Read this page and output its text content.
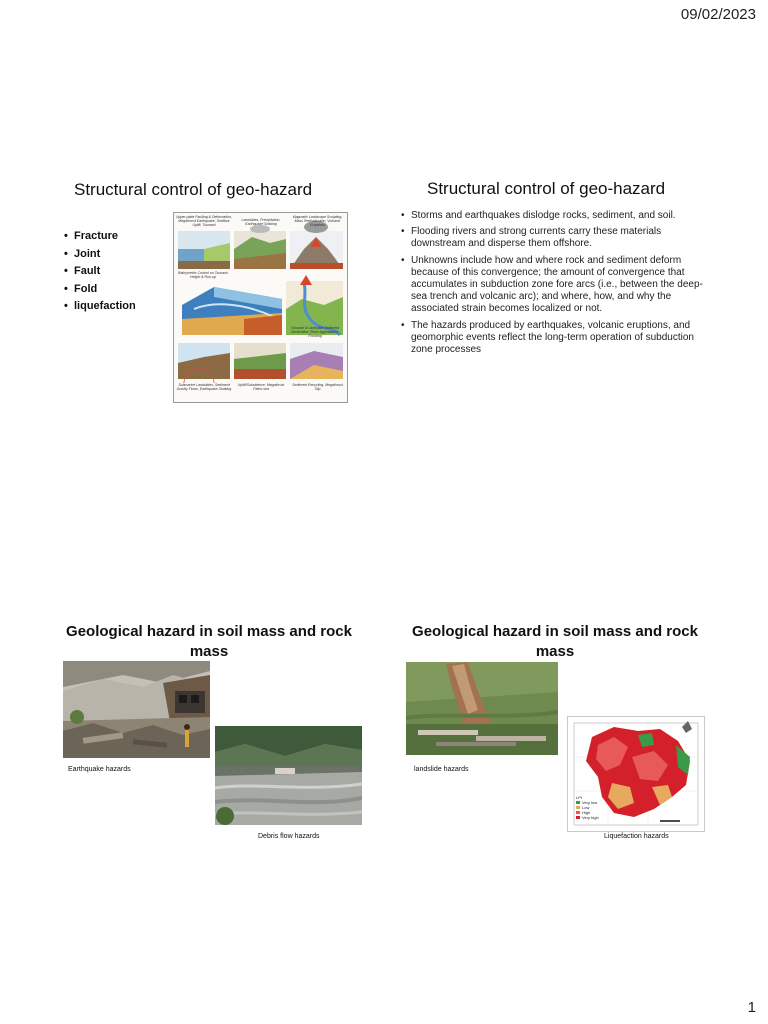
09/02/2023
1
Structural control of geo-hazard
• Fracture
• Joint
• Fault
• Fold
• liquefaction
Upper-plate Faulting & Deformation, Megathrust Earthquake, Seafloor Uplift, Tsunami
Landslides, Precipitation, Earthquake Shaking
Magmatic Landscape Sculpting, Mass Redistribution, Volcanic Eruptions
Bathymetric Control on Tsunami Height & Run-up
Volcanic & Landslide Sediment Generation, River Aggradation, Flooding
Submarine Landslides, Sediment Gravity Flows, Earthquake Shaking
Uplift/Subsidence, Megathrust Paleo-sea
Sediment Recycling, Megathrust Slip
Structural control of geo-hazard
• Storms and earthquakes dislodge rocks, sediment, and soil.
• Flooding rivers and strong currents carry these materials downstream and disperse them offshore.
• Unknowns include how and where rock and sediment deform because of this convergence; the amount of convergence that accumulates in subduction zone fore arcs (i.e., between the deep-sea trench and volcanic arc); and where, how, and why the associated strain becomes localized or not.
• The hazards produced by earthquakes, volcanic eruptions, and geomorphic events reflect the long-term operation of subduction zone processes
Geological hazard in soil mass and rock mass
Earthquake hazards
Debris flow hazards
Geological hazard in soil mass and rock mass
landslide hazards
LPI
Very low
Low
High
Very high
Liquefaction hazards
